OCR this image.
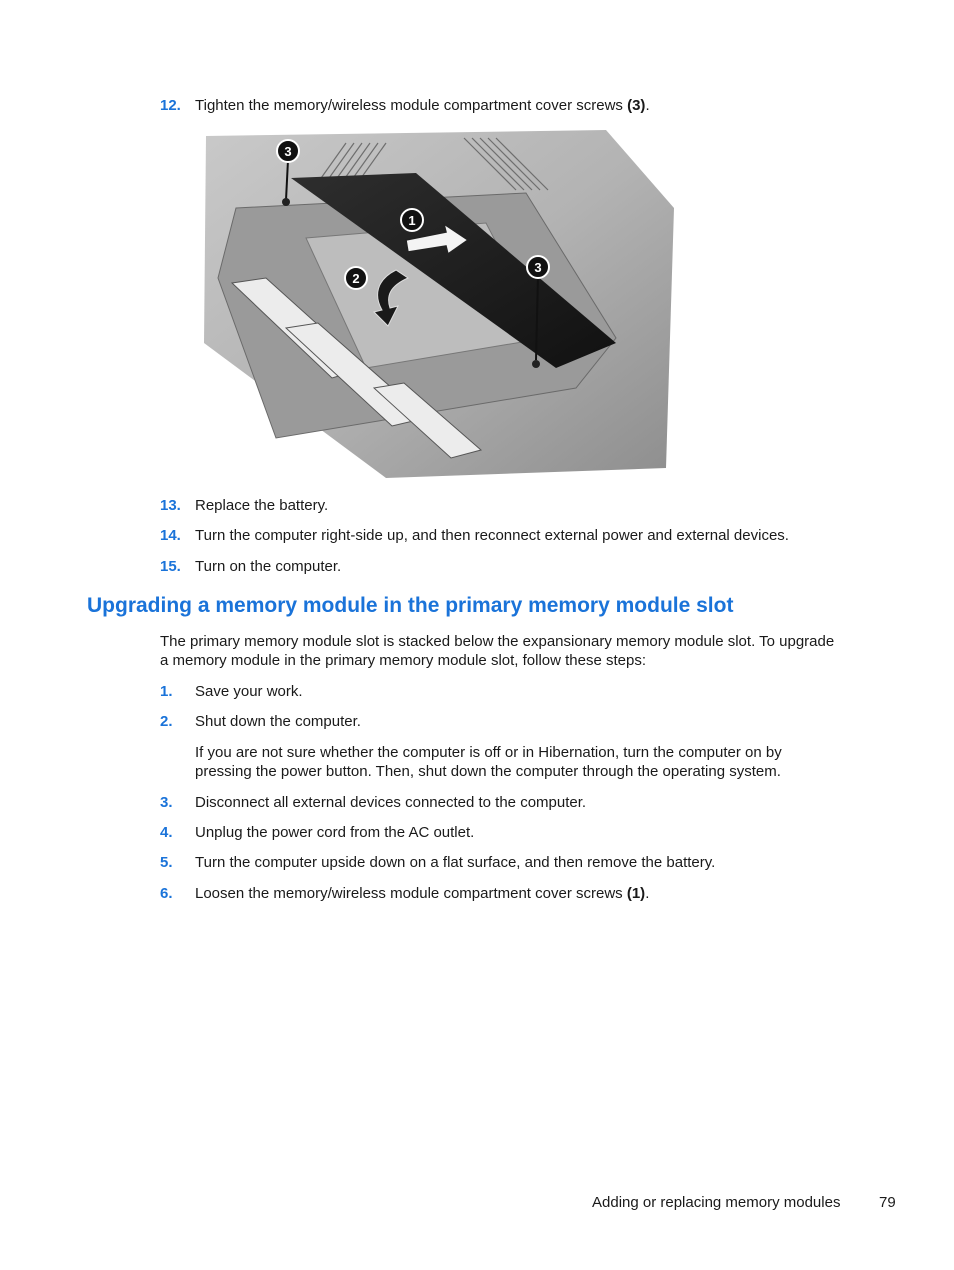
12. Tighten the memory/wireless module compartment cover screws (3).
1
2
3
3
13. Replace the battery.
14. Turn the computer right-side up, and then reconnect external power and external devices.
15. Turn on the computer.
Upgrading a memory module in the primary memory module slot
The primary memory module slot is stacked below the expansionary memory module slot. To upgrade a memory module in the primary memory module slot, follow these steps:
1. Save your work.
2. Shut down the computer.
If you are not sure whether the computer is off or in Hibernation, turn the computer on by pressing the power button. Then, shut down the computer through the operating system.
3. Disconnect all external devices connected to the computer.
4. Unplug the power cord from the AC outlet.
5. Turn the computer upside down on a flat surface, and then remove the battery.
6. Loosen the memory/wireless module compartment cover screws (1).
Adding or replacing memory modules	79
